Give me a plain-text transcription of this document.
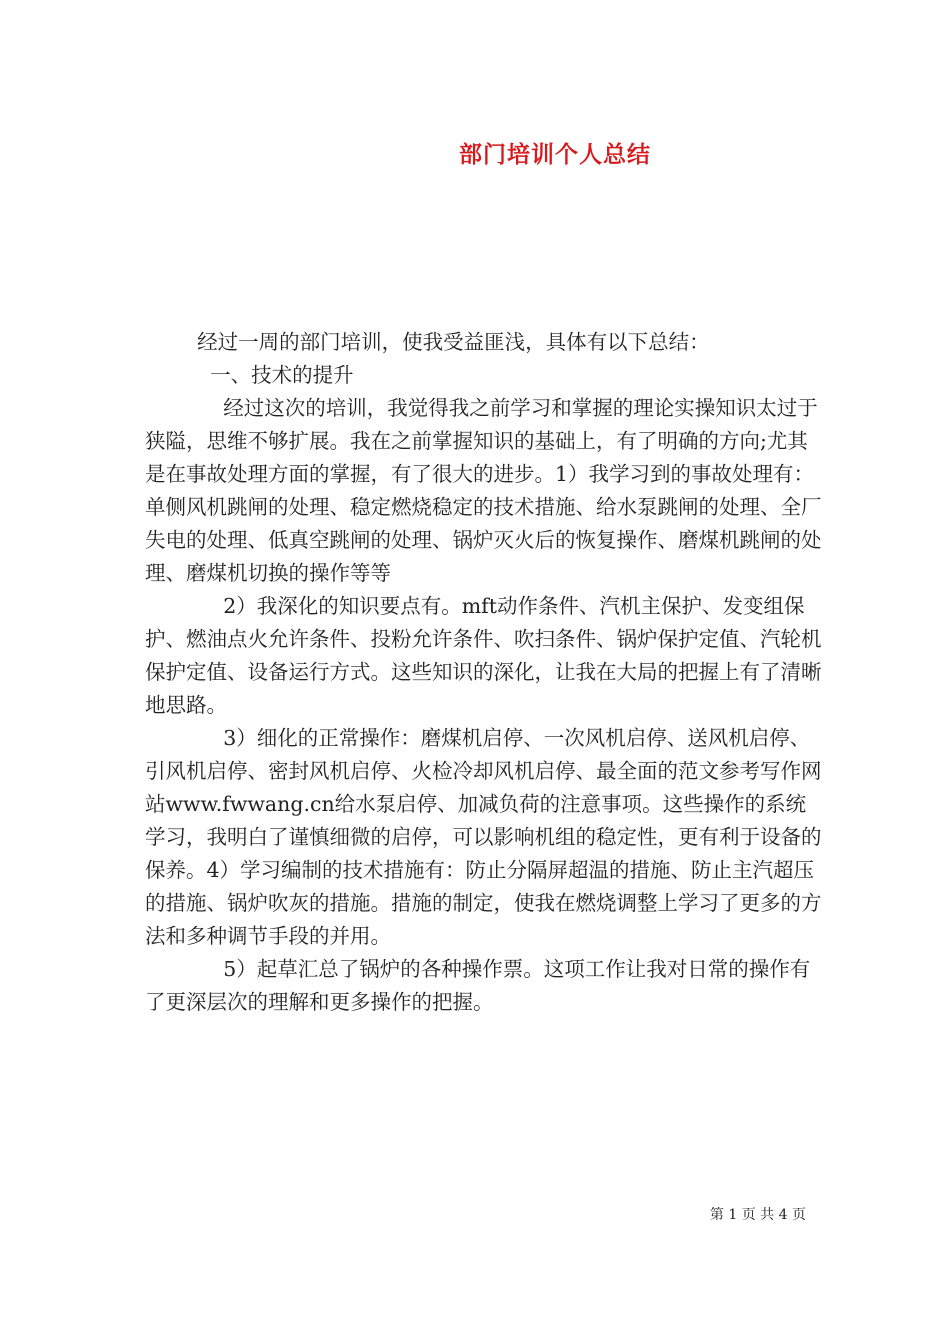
部门培训个人总结

经过一周的部门培训，使我受益匪浅，具体有以下总结：

一、技术的提升

经过这次的培训，我觉得我之前学习和掌握的理论实操知识太过于狭隘，思维不够扩展。我在之前掌握知识的基础上，有了明确的方向;尤其是在事故处理方面的掌握，有了很大的进步。1）我学习到的事故处理有：单侧风机跳闸的处理、稳定燃烧稳定的技术措施、给水泵跳闸的处理、全厂失电的处理、低真空跳闸的处理、锅炉灭火后的恢复操作、磨煤机跳闸的处理、磨煤机切换的操作等等

2）我深化的知识要点有。mft动作条件、汽机主保护、发变组保护、燃油点火允许条件、投粉允许条件、吹扫条件、锅炉保护定值、汽轮机保护定值、设备运行方式。这些知识的深化，让我在大局的把握上有了清晰地思路。

3）细化的正常操作：磨煤机启停、一次风机启停、送风机启停、引风机启停、密封风机启停、火检冷却风机启停、最全面的范文参考写作网站www.fwwang.cn给水泵启停、加减负荷的注意事项。这些操作的系统学习，我明白了谨慎细微的启停，可以影响机组的稳定性，更有利于设备的保养。4）学习编制的技术措施有：防止分隔屏超温的措施、防止主汽超压的措施、锅炉吹灰的措施。措施的制定，使我在燃烧调整上学习了更多的方法和多种调节手段的并用。

5）起草汇总了锅炉的各种操作票。这项工作让我对日常的操作有了更深层次的理解和更多操作的把握。

第 1 页 共 4 页
